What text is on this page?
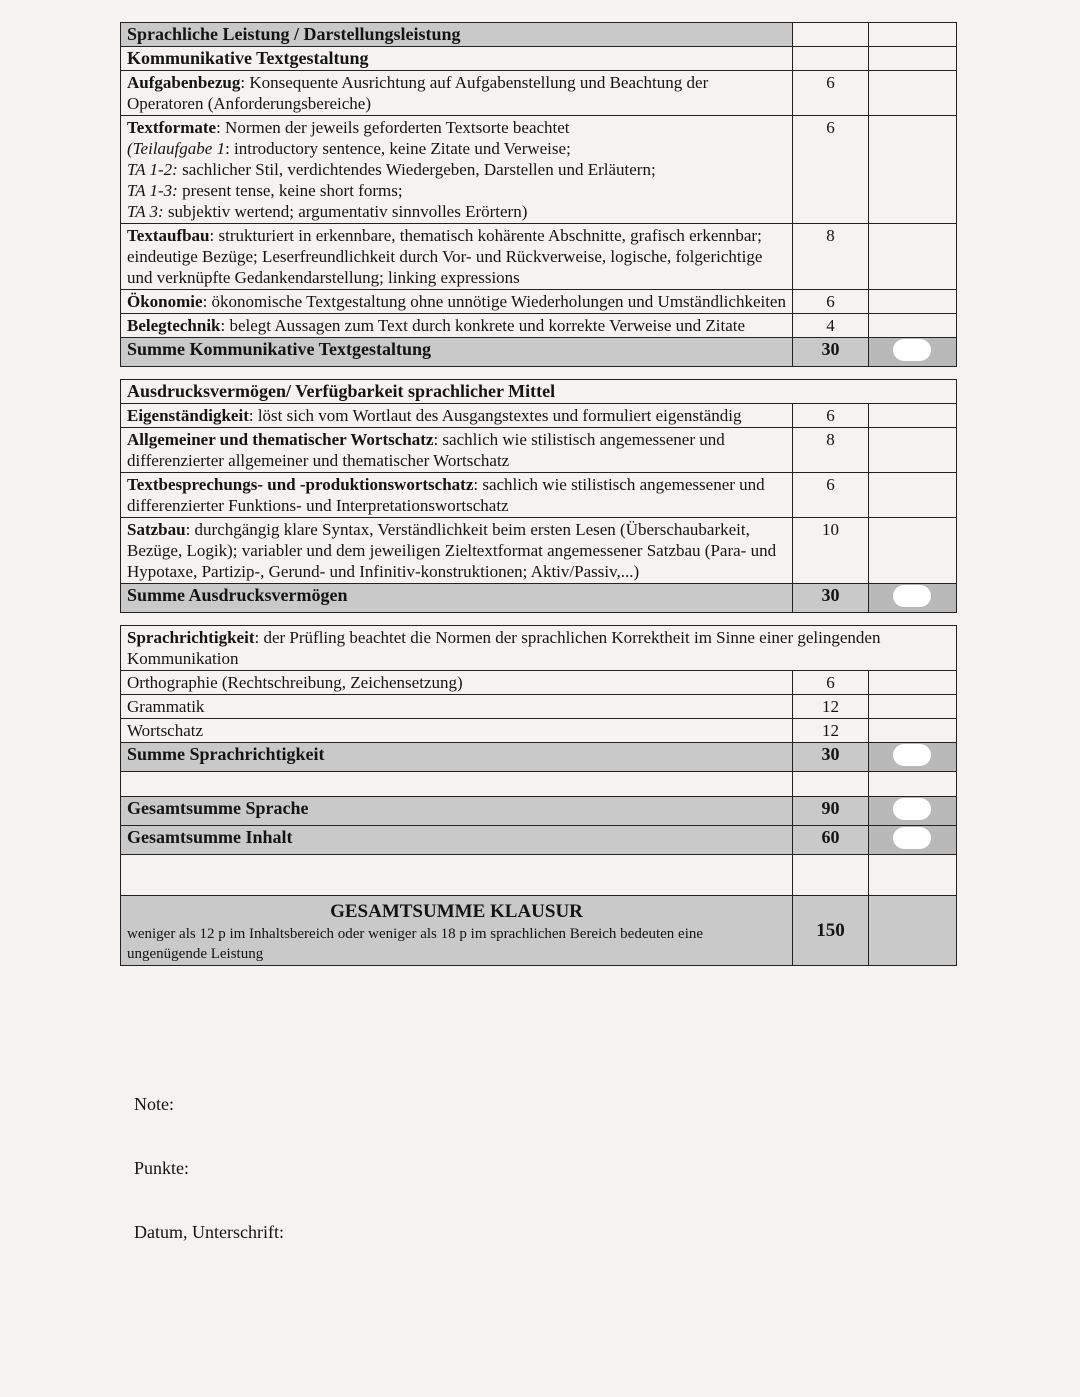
Sprachliche Leistung / Darstellungsleistung		
Kommunikative Textgestaltung		
Aufgabenbezug: Konsequente Ausrichtung auf Aufgabenstellung und Beachtung der Operatoren (Anforderungsbereiche)	6	
Textformate: Normen der jeweils geforderten Textsorte beachtet
(Teilaufgabe 1: introductory sentence, keine Zitate und Verweise;
TA 1-2: sachlicher Stil, verdichtendes Wiedergeben, Darstellen und Erläutern;
TA 1-3: present tense, keine short forms;
TA 3: subjektiv wertend; argumentativ sinnvolles Erörtern)	6	
Textaufbau: strukturiert in erkennbare, thematisch kohärente Abschnitte, grafisch erkennbar; eindeutige Bezüge; Leserfreundlichkeit durch Vor- und Rückverweise, logische, folgerichtige und verknüpfte Gedankendarstellung; linking expressions	8	
Ökonomie: ökonomische Textgestaltung ohne unnötige Wiederholungen und Umständlichkeiten	6	
Belegtechnik: belegt Aussagen zum Text durch konkrete und korrekte Verweise und Zitate	4	
Summe Kommunikative Textgestaltung	30	
Ausdrucksvermögen/ Verfügbarkeit sprachlicher Mittel		
Eigenständigkeit: löst sich vom Wortlaut des Ausgangstextes und formuliert eigenständig	6	
Allgemeiner und thematischer Wortschatz: sachlich wie stilistisch angemessener und differenzierter allgemeiner und thematischer Wortschatz	8	
Textbesprechungs- und -produktionswortschatz: sachlich wie stilistisch angemessener und differenzierter Funktions- und Interpretationswortschatz	6	
Satzbau: durchgängig klare Syntax, Verständlichkeit beim ersten Lesen (Überschaubarkeit, Bezüge, Logik); variabler und dem jeweiligen Zieltextformat angemessener Satzbau (Para- und Hypotaxe, Partizip-, Gerund- und Infinitiv-konstruktionen; Aktiv/Passiv,...)	10	
Summe Ausdrucksvermögen	30	
Sprachrichtigkeit: der Prüfling beachtet die Normen der sprachlichen Korrektheit im Sinne einer gelingenden Kommunikation		
Orthographie (Rechtschreibung, Zeichensetzung)	6	
Grammatik	12	
Wortschatz	12	
Summe Sprachrichtigkeit	30	

Gesamtsumme Sprache	90	
Gesamtsumme Inhalt	60	

GESAMTSUMME KLAUSUR
weniger als 12 p im Inhaltsbereich oder weniger als 18 p im sprachlichen Bereich bedeuten eine ungenügende Leistung	150	
Note:
Punkte:
Datum, Unterschrift:
